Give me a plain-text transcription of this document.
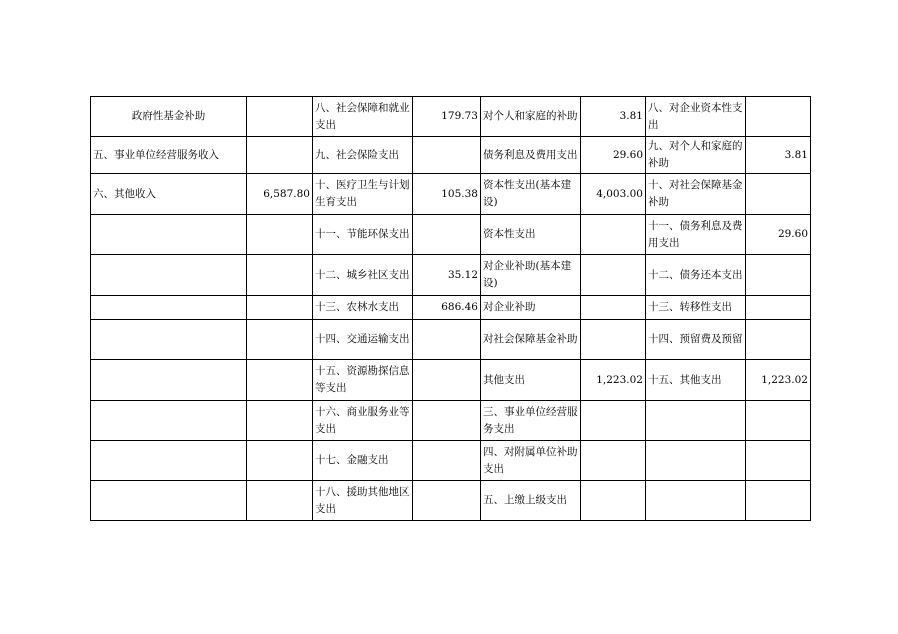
政府性基金补助		八、社会保障和就业支出	179.73	对个人和家庭的补助	3.81	八、对企业资本性支出	
五、事业单位经营服务收入		九、社会保险支出		债务利息及费用支出	29.60	九、对个人和家庭的补助	3.81
六、其他收入	6,587.80	十、医疗卫生与计划生育支出	105.38	资本性支出(基本建设)	4,003.00	十、对社会保障基金补助	
		十一、节能环保支出		资本性支出		十一、债务利息及费用支出	29.60
		十二、城乡社区支出	35.12	对企业补助(基本建设)		十二、债务还本支出	
		十三、农林水支出	686.46	对企业补助		十三、转移性支出	
		十四、交通运输支出		对社会保障基金补助		十四、预留费及预留	
		十五、资源勘探信息等支出		其他支出	1,223.02	十五、其他支出	1,223.02
		十六、商业服务业等支出		三、事业单位经营服务支出			
		十七、金融支出		四、对附属单位补助支出			
		十八、援助其他地区支出		五、上缴上级支出			
